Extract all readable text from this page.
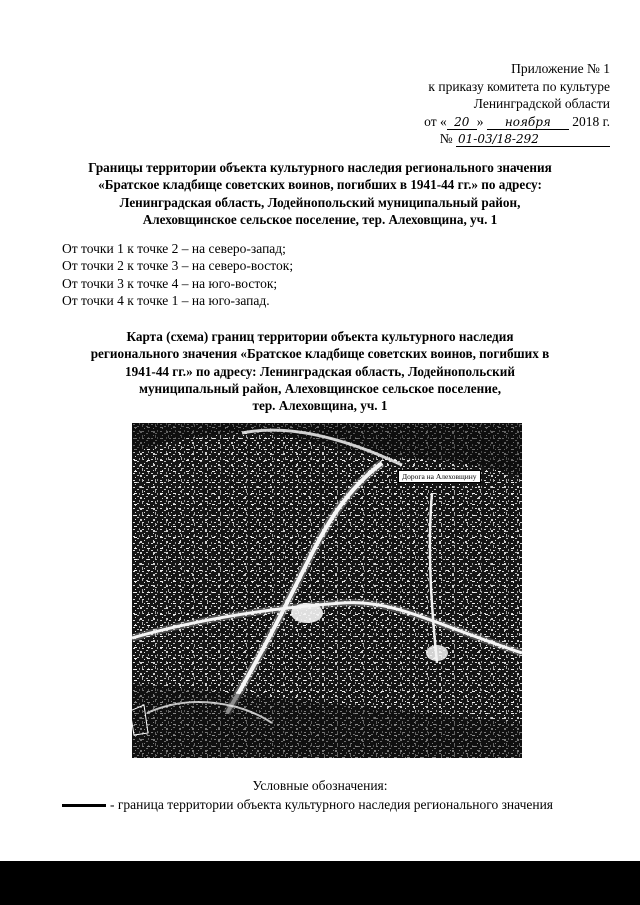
Приложение № 1
к приказу комитета по культуре
Ленинградской области
от « 20 » ноября 2018 г.
№ 01-03/18-292
Границы территории объекта культурного наследия регионального значения
«Братское кладбище советских воинов, погибших в 1941-44 гг.» по адресу:
Ленинградская область, Лодейнопольский муниципальный район,
Алеховщинское сельское поселение, тер. Алеховщина, уч. 1
От точки 1 к точке 2 – на северо-запад;
От точки 2 к точке 3 – на северо-восток;
От точки 3 к точке 4 – на юго-восток;
От точки 4 к точке 1 – на юго-запад.
Карта (схема) границ территории объекта культурного наследия
регионального значения «Братское кладбище советских воинов, погибших в
1941-44 гг.» по адресу: Ленинградская область, Лодейнопольский
муниципальный район, Алеховщинское сельское поселение,
тер. Алеховщина, уч. 1
Дорога на Алеховщину
Условные обозначения:
- граница территории объекта культурного наследия регионального значения
